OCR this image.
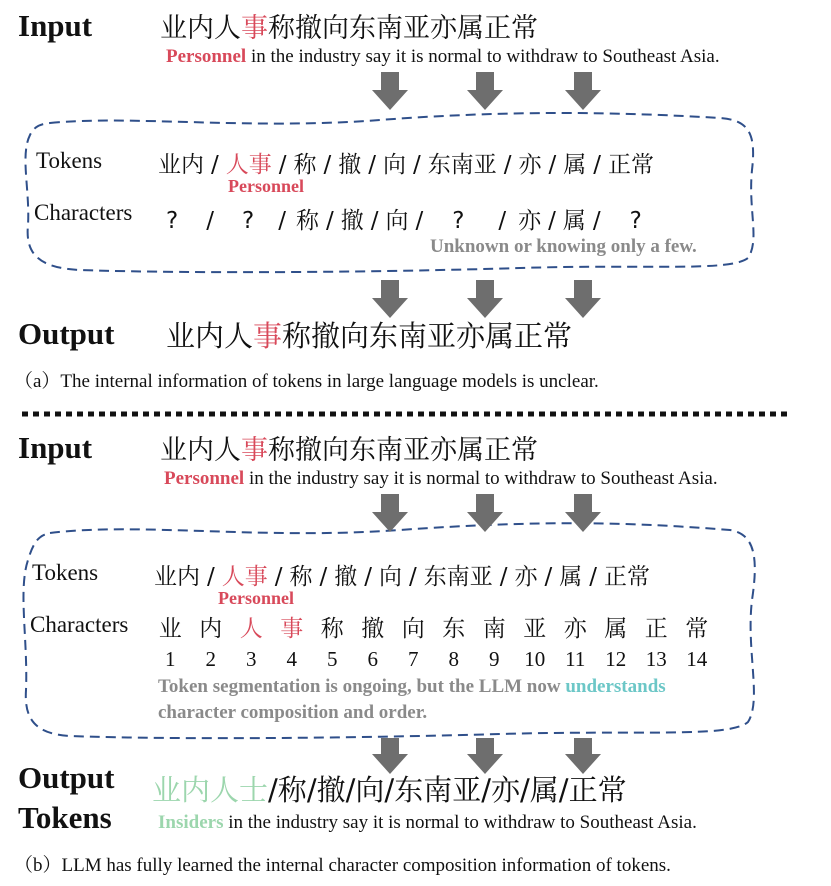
Input	业内人事称撤向东南亚亦属正常
Personnel in the industry say it is normal to withdraw to Southeast Asia.
Tokens 业内 / 人事 / 称 / 撤 / 向 / 东南亚 / 亦 / 属 / 正常
Personnel
Characters ? / ? / 称 / 撤 / 向 / ? / 亦 / 属 / ?
Unknown or knowing only a few.
Output 业内人事称撤向东南亚亦属正常
（a）The internal information of tokens in large language models is unclear.
Input	业内人事称撤向东南亚亦属正常
Personnel in the industry say it is normal to withdraw to Southeast Asia.
Tokens 业内 / 人事 / 称 / 撤 / 向 / 东南亚 / 亦 / 属 / 正常
Personnel
Characters	业 内 人 事 称 撤 向 东 南 亚 亦 属 正 常
1 2 3 4 5 6 7 8 9 10 11 12 13 14
Token segmentation is ongoing, but the LLM now understands
character composition and order.
Output
Tokens
业内人士/称/撤/向/东南亚/亦/属/正常
Insiders in the industry say it is normal to withdraw to Southeast Asia.
（b）LLM has fully learned the internal character composition information of tokens.
